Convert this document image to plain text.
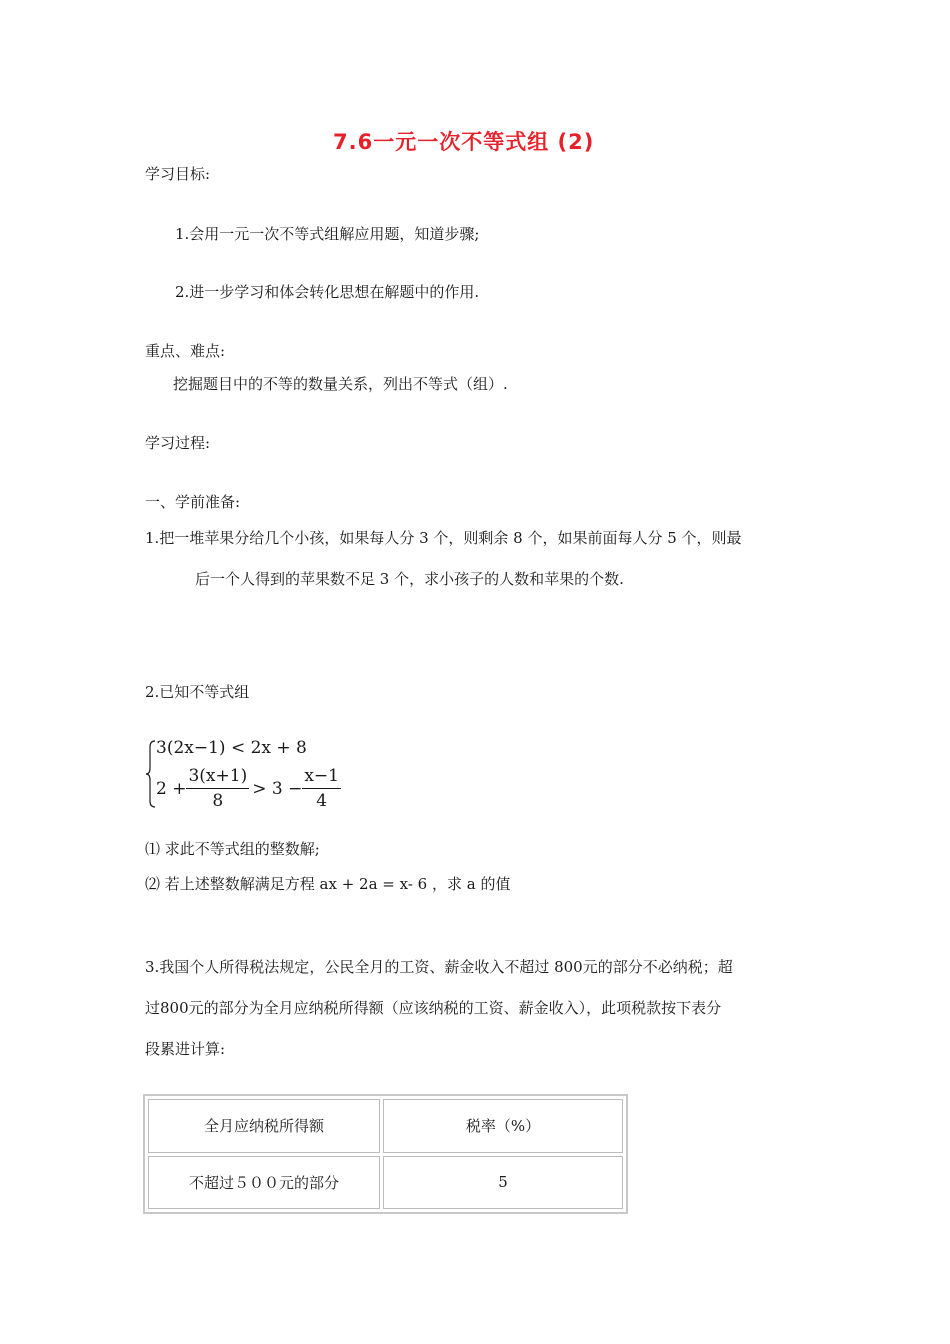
7.6一元一次不等式组 (2)
学习目标:
1.会用一元一次不等式组解应用题，知道步骤;
2.进一步学习和体会转化思想在解题中的作用.
重点、难点:
挖掘题目中的不等的数量关系，列出不等式（组）.
学习过程:
一、学前准备:
1.把一堆苹果分给几个小孩，如果每人分 3 个，则剩余 8 个，如果前面每人分 5 个，则最
后一个人得到的苹果数不足 3 个，求小孩子的人数和苹果的个数.
2.已知不等式组
3(2x−1) < 2x + 8
$2 + \frac{3(x+1)}{8} > 3 - \frac{x-1}{4}$
⑴ 求此不等式组的整数解;
⑵ 若上述整数解满足方程 ax + 2a = x- 6 ，求 a 的值
3.我国个人所得税法规定，公民全月的工资、薪金收入不超过 800元的部分不必纳税；超
过800元的部分为全月应纳税所得额（应该纳税的工资、薪金收入），此项税款按下表分
段累进计算:
全月应纳税所得额	税率（%）
不超过５００元的部分	5
